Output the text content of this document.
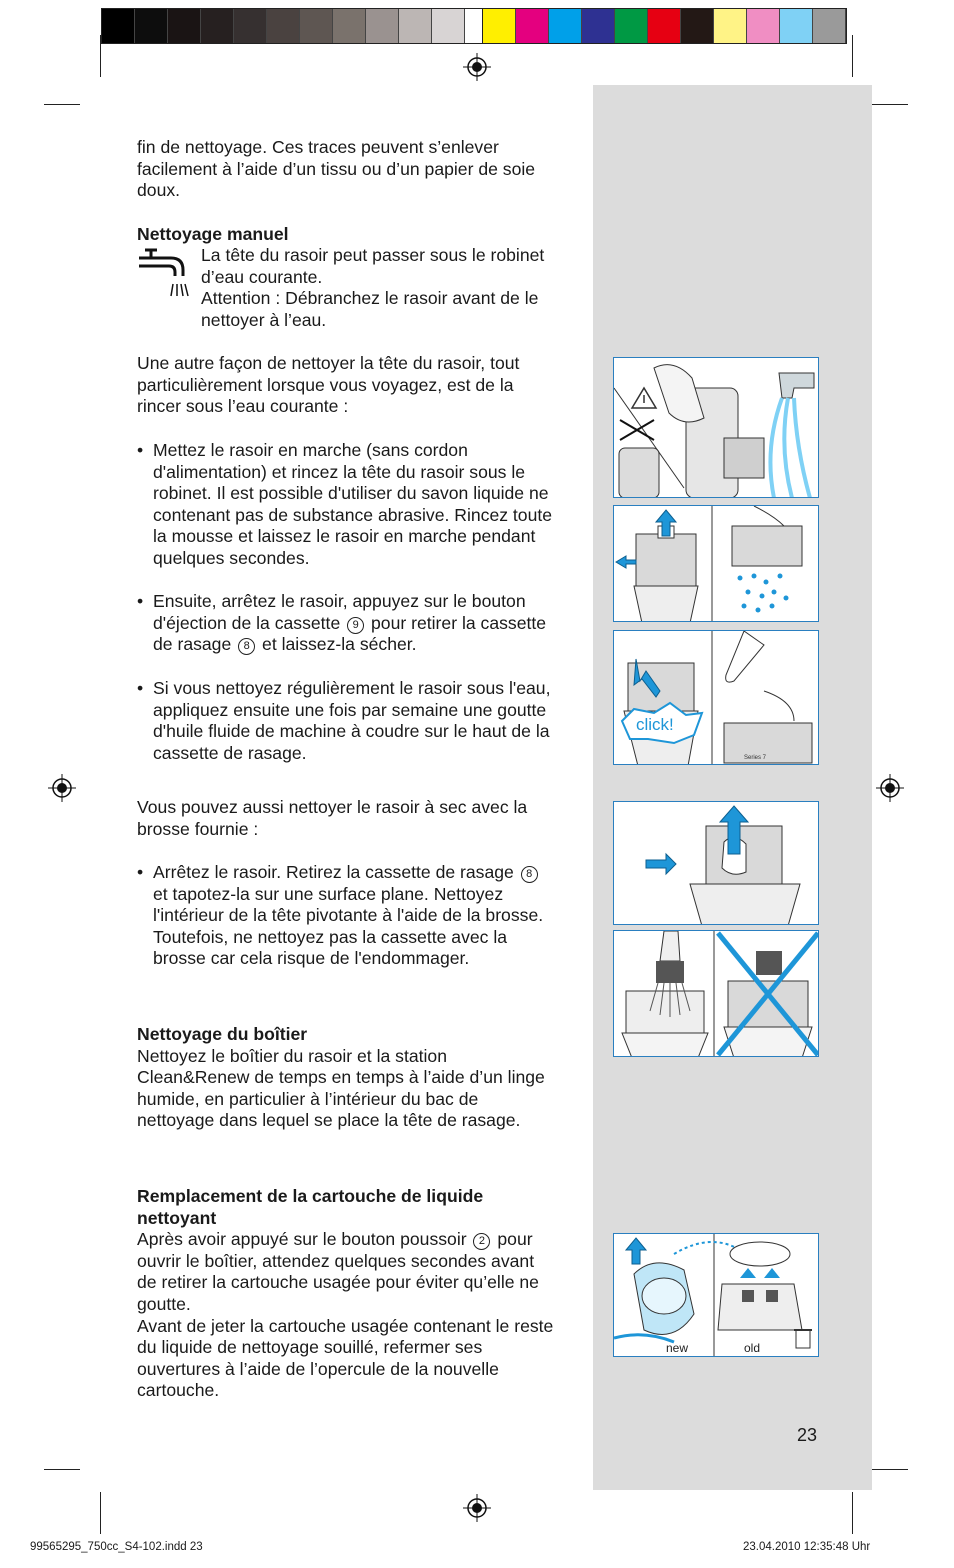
fin de nettoyage. Ces traces peuvent s’enlever facilement à l’aide d’un tissu ou d’un papier de soie doux.

Nettoyage manuel

La tête du rasoir peut passer sous le robinet d’eau courante.

Attention : Débranchez le rasoir avant de le nettoyer à l’eau.

Une autre façon de nettoyer la tête du rasoir, tout particulièrement lorsque vous voyagez, est de la rincer sous l’eau courante :

• Mettez le rasoir en marche (sans cordon d'alimentation) et rincez la tête du rasoir sous le robinet. Il est possible d'utiliser du savon liquide ne contenant pas de substance abrasive. Rincez toute la mousse et laissez le rasoir en marche pendant quelques secondes.

• Ensuite, arrêtez le rasoir, appuyez sur le bouton d'éjection de la cassette 9 pour retirer la cassette de rasage 8 et laissez-la sécher.

• Si vous nettoyez régulièrement le rasoir sous l'eau, appliquez ensuite une fois par semaine une goutte d'huile fluide de machine à coudre sur le haut de la cassette de rasage.

Vous pouvez aussi nettoyer le rasoir à sec avec la brosse fournie :

• Arrêtez le rasoir. Retirez la cassette de rasage 8 et tapotez-la sur une surface plane. Nettoyez l'intérieur de la tête pivotante à l'aide de la brosse. Toutefois, ne nettoyez pas la cassette avec la brosse car cela risque de l'endommager.

Nettoyage du boîtier

Nettoyez le boîtier du rasoir et la station Clean&Renew de temps en temps à l’aide d’un linge humide, en particulier à l’intérieur du bac de nettoyage dans lequel se place la tête de rasage.

Remplacement de la cartouche de liquide nettoyant

Après avoir appuyé sur le bouton poussoir 2 pour ouvrir le boîtier, attendez quelques secondes avant de retirer la cartouche usagée pour éviter qu’elle ne goutte.

Avant de jeter la cartouche usagée contenant le reste du liquide de nettoyage souillé, refermer ses ouvertures à l’aide de l’opercule de la nouvelle cartouche.

click!
Series 7
new	old
23
99565295_750cc_S4-102.indd 23	23.04.2010 12:35:48 Uhr
